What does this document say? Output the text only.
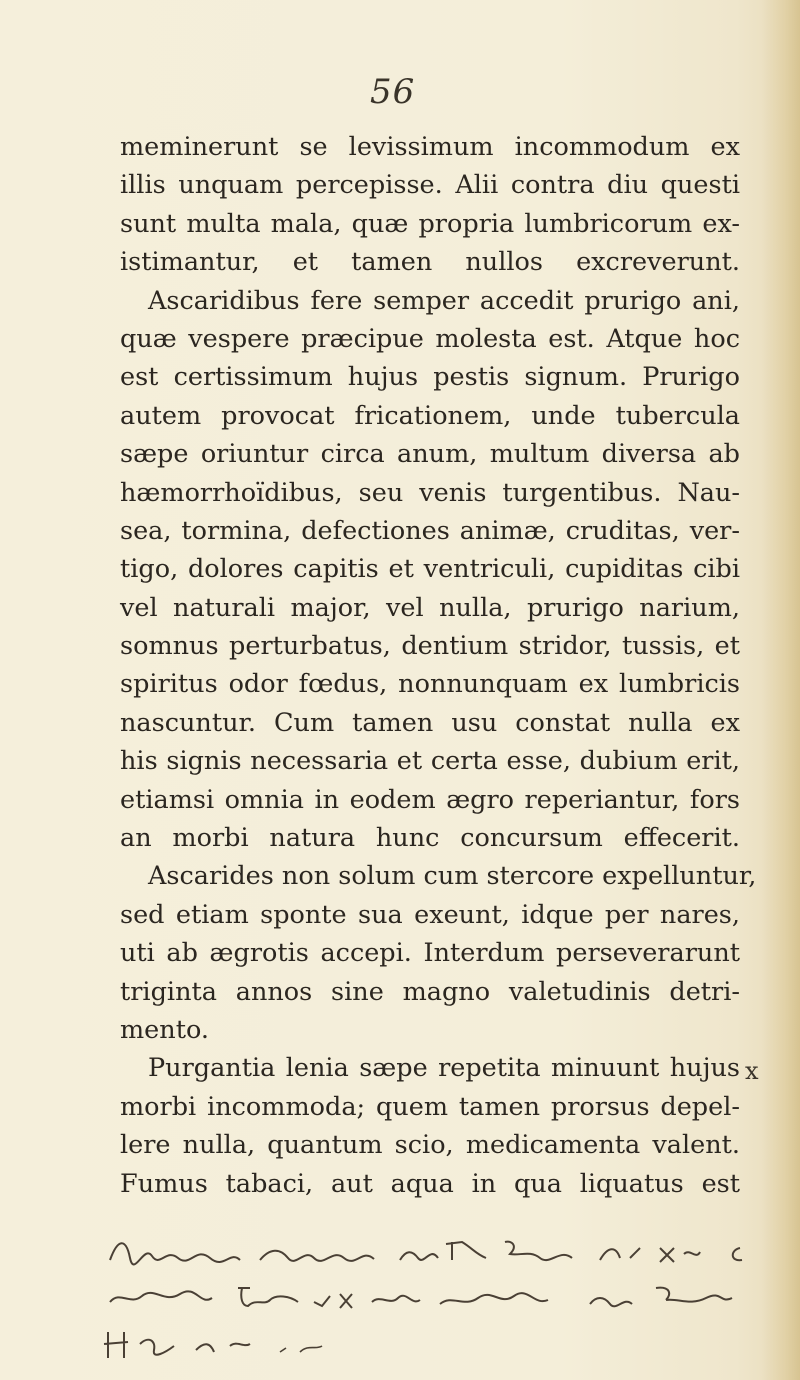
56
meminerunt se levissimum incommodum ex
illis unquam percepisse. Alii contra diu questi
sunt multa mala, quæ propria lumbricorum ex-
istimantur, et tamen nullos excreverunt.
Ascaridibus fere semper accedit prurigo ani,
quæ vespere præcipue molesta est. Atque hoc
est certissimum hujus pestis signum. Prurigo
autem provocat fricationem, unde tubercula
sæpe oriuntur circa anum, multum diversa ab
hæmorrhoïdibus, seu venis turgentibus. Nau-
sea, tormina, defectiones animæ, cruditas, ver-
tigo, dolores capitis et ventriculi, cupiditas cibi
vel naturali major, vel nulla, prurigo narium,
somnus perturbatus, dentium stridor, tussis, et
spiritus odor fœdus, nonnunquam ex lumbricis
nascuntur. Cum tamen usu constat nulla ex
his signis necessaria et certa esse, dubium erit,
etiamsi omnia in eodem ægro reperiantur, fors
an morbi natura hunc concursum effecerit.
Ascarides non solum cum stercore expelluntur,
sed etiam sponte sua exeunt, idque per nares,
uti ab ægrotis accepi. Interdum perseverarunt
triginta annos sine magno valetudinis detri-
mento.
Purgantia lenia sæpe repetita minuunt hujus
morbi incommoda; quem tamen prorsus depel-
lere nulla, quantum scio, medicamenta valent.
Fumus tabaci, aut aqua in qua liquatus est
x
